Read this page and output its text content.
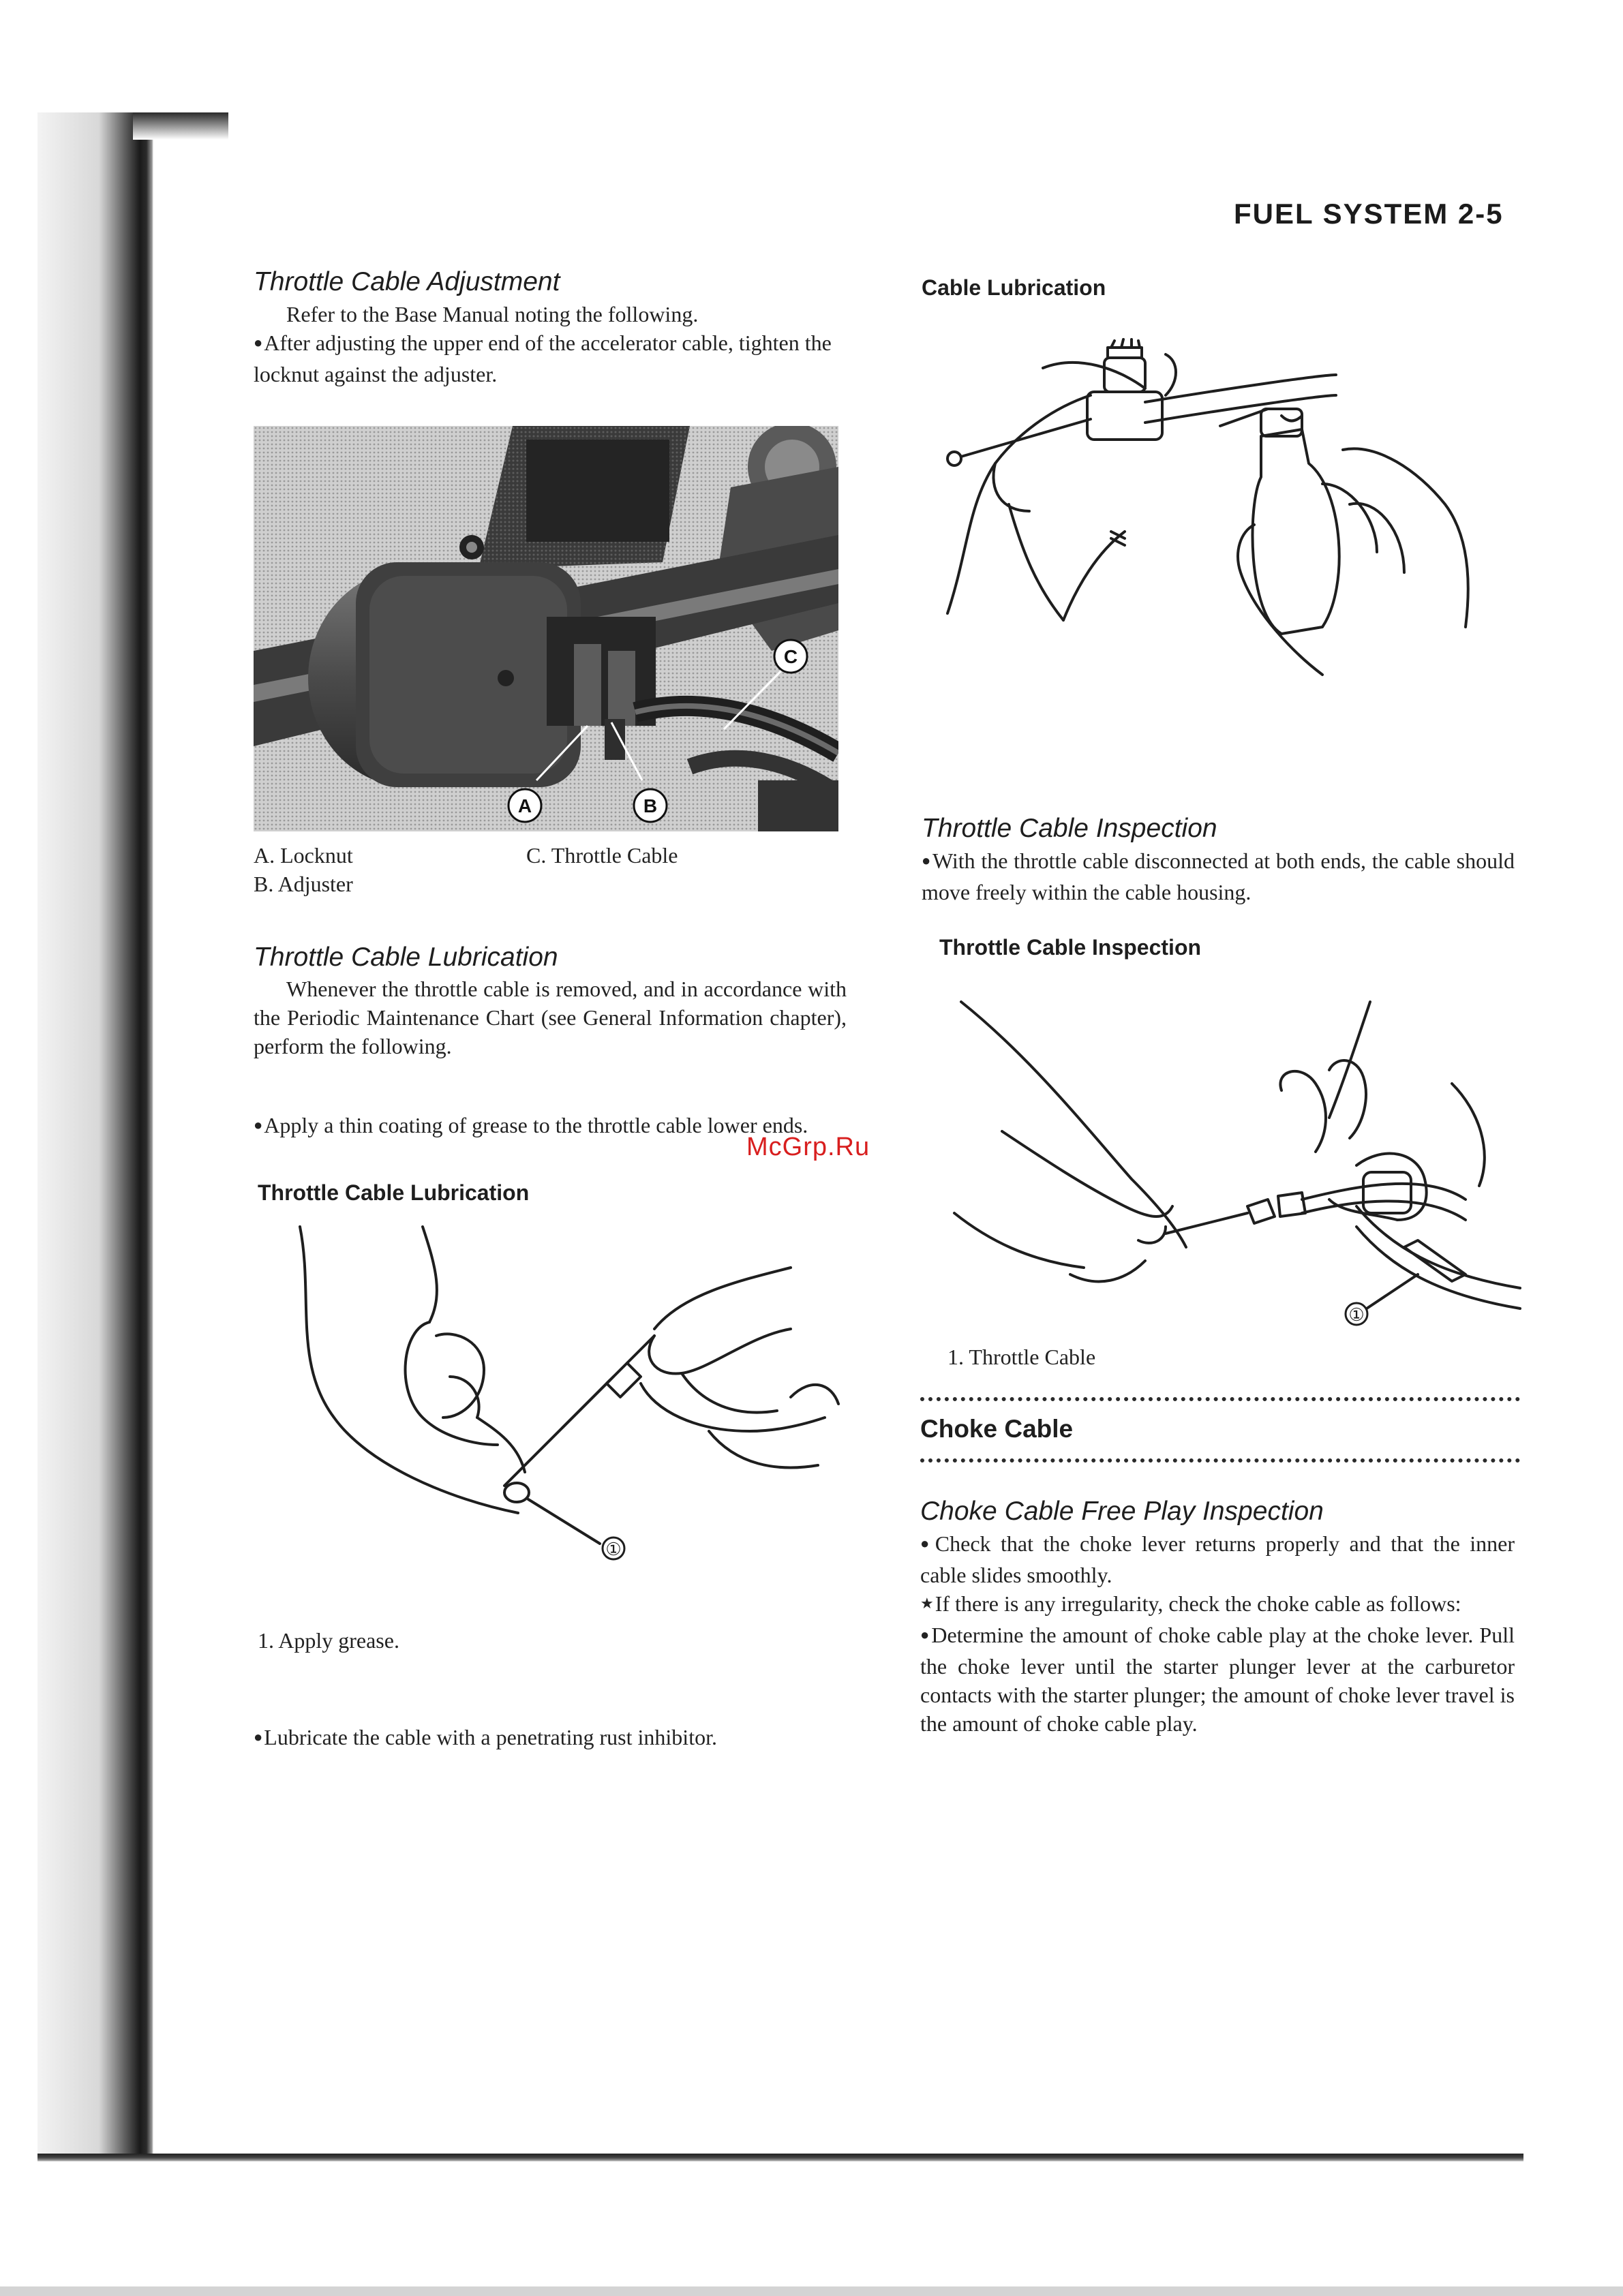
FUEL SYSTEM 2-5
Throttle Cable Adjustment

Refer to the Base Manual noting the following.

● After adjusting the upper end of the accelerator cable, tighten the locknut against the adjuster.

A	B
C
A. Locknut
B. Adjuster
C. Throttle Cable
Throttle Cable Lubrication

Whenever the throttle cable is removed, and in accordance with the Periodic Maintenance Chart (see General Information chapter), perform the following.

● Apply a thin coating of grease to the throttle cable lower ends.

Throttle Cable Lubrication
①
1. Apply grease.

● Lubricate the cable with a penetrating rust inhibitor.

Cable Lubrication
Throttle Cable Inspection

● With the throttle cable disconnected at both ends, the cable should move freely within the cable housing.

Throttle Cable Inspection
①
1. Throttle Cable
Choke Cable
Choke Cable Free Play Inspection

● Check that the choke lever returns properly and that the inner cable slides smoothly.

★ If there is any irregularity, check the choke cable as follows:

● Determine the amount of choke cable play at the choke lever. Pull the choke lever until the starter plunger lever at the carburetor contacts with the starter plunger; the amount of choke lever travel is the amount of choke cable play.

McGrp.Ru
